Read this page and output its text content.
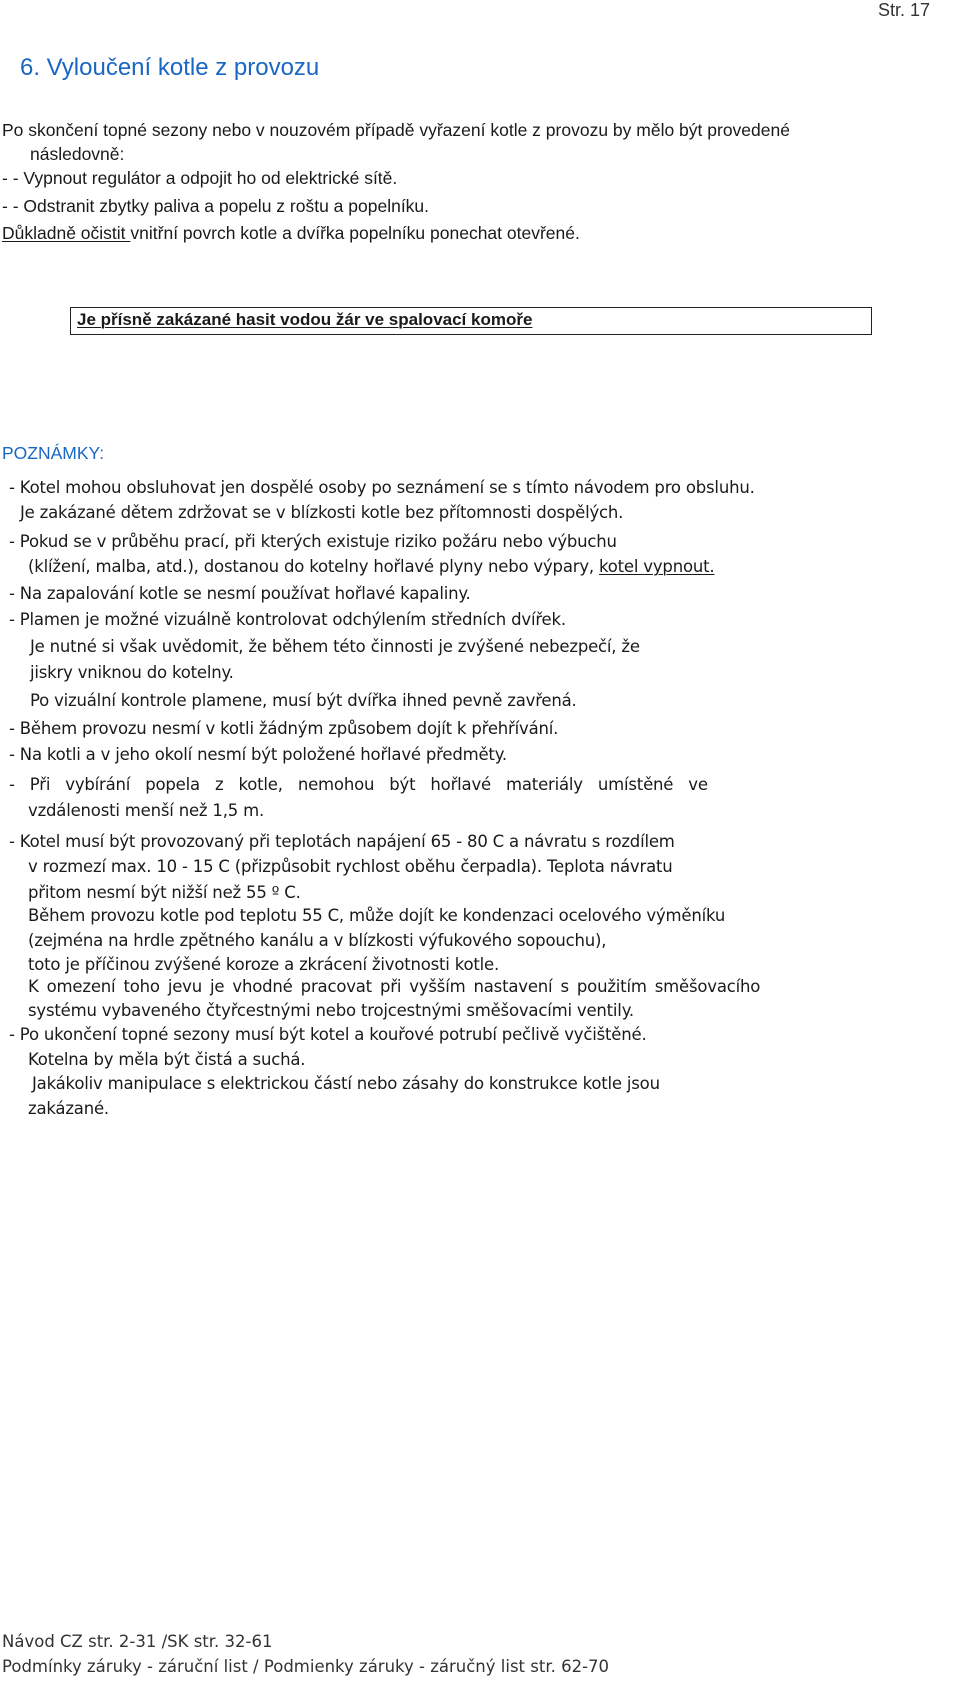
Str. 17
6. Vyloučení kotle z provozu
Po skončení topné sezony nebo v nouzovém případě vyřazení kotle z provozu by mělo být provedené
následovně:
- - Vypnout regulátor a odpojit ho od elektrické sítě.
- - Odstranit zbytky paliva a popelu z roštu a popelníku.
Důkladně očistit vnitřní povrch kotle a dvířka popelníku ponechat otevřené.
Je přísně zakázané hasit vodou žár ve spalovací komoře
POZNÁMKY:
- Kotel mohou obsluhovat jen dospělé osoby po seznámení se s tímto návodem pro obsluhu.
Je zakázané dětem zdržovat se v blízkosti kotle bez přítomnosti dospělých.
- Pokud se v průběhu prací, při kterých existuje riziko požáru nebo výbuchu
(klížení, malba, atd.), dostanou do kotelny hořlavé plyny nebo výpary, kotel vypnout.
- Na zapalování kotle se nesmí používat hořlavé kapaliny.
- Plamen je možné vizuálně kontrolovat odchýlením středních dvířek.
Je nutné si však uvědomit, že během této činnosti je zvýšené nebezpečí, že
jiskry vniknou do kotelny.
Po vizuální kontrole plamene, musí být dvířka ihned pevně zavřená.
- Během provozu nesmí v kotli žádným způsobem dojít k přehřívání.
- Na kotli a v jeho okolí nesmí být položené hořlavé předměty.
- Při vybírání popela z kotle, nemohou být hořlavé materiály umístěné ve
vzdálenosti menší než 1,5 m.
- Kotel musí být provozovaný při teplotách napájení 65 - 80 C a návratu s rozdílem
v rozmezí max. 10 - 15 C (přizpůsobit rychlost oběhu čerpadla). Teplota návratu
přitom nesmí být nižší než 55 º C.
Během provozu kotle pod teplotu 55 C, může dojít ke kondenzaci ocelového výměníku
(zejména na hrdle zpětného kanálu a v blízkosti výfukového sopouchu),
toto je příčinou zvýšené koroze a zkrácení životnosti kotle.
K omezení toho jevu je vhodné pracovat při vyšším nastavení s použitím směšovacího
systému vybaveného čtyřcestnými nebo trojcestnými směšovacími ventily.
- Po ukončení topné sezony musí být kotel a kouřové potrubí pečlivě vyčištěné.
Kotelna by měla být čistá a suchá.
Jakákoliv manipulace s elektrickou částí nebo zásahy do konstrukce kotle jsou
zakázané.
Návod CZ str. 2-31 /SK str. 32-61
Podmínky záruky - záruční list / Podmienky záruky - záručný list str. 62-70
